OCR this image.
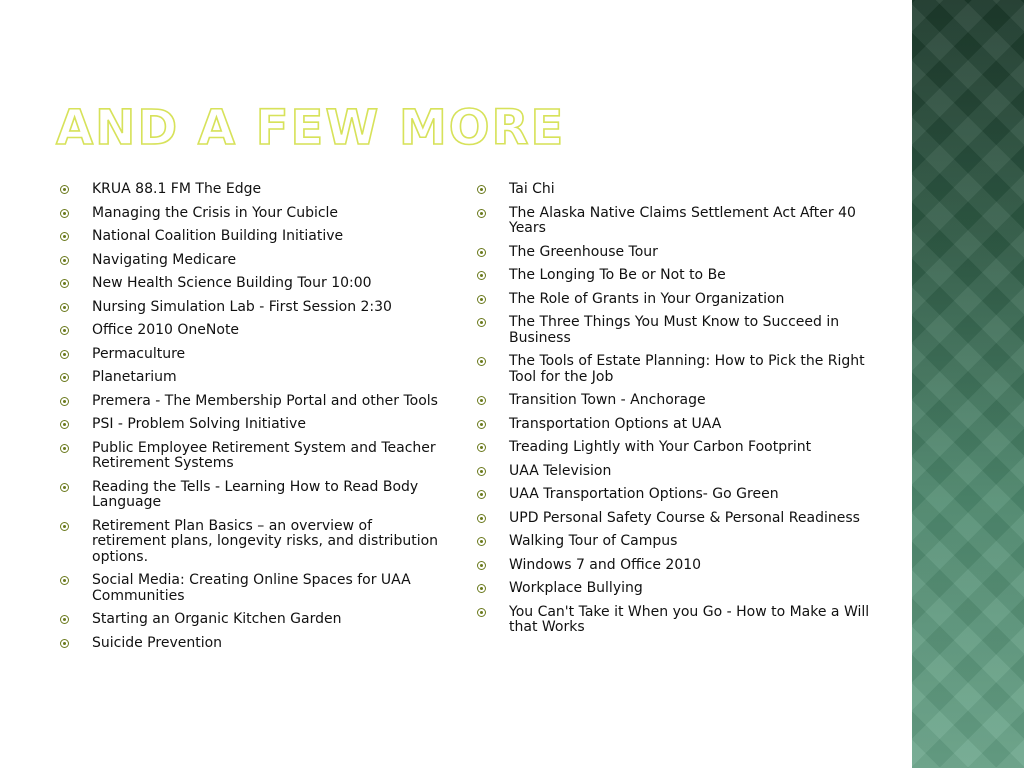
AND A FEW MORE
KRUA 88.1 FM The Edge
Managing the Crisis in Your Cubicle
National Coalition Building Initiative
Navigating Medicare
New Health Science Building Tour 10:00
Nursing Simulation Lab - First Session 2:30
Office 2010 OneNote
Permaculture
Planetarium
Premera - The Membership Portal and other Tools
PSI - Problem Solving Initiative
Public Employee Retirement System and Teacher Retirement Systems
Reading the Tells - Learning How to Read Body Language
Retirement Plan Basics – an overview of retirement plans, longevity risks, and distribution options.
Social Media: Creating Online Spaces for UAA Communities
Starting an Organic Kitchen Garden
Suicide Prevention
Tai Chi
The Alaska Native Claims Settlement Act After 40 Years
The Greenhouse Tour
The Longing To Be or Not to Be
The Role of Grants in Your Organization
The Three Things You Must Know to Succeed in Business
The Tools of Estate Planning: How to Pick the Right Tool for the Job
Transition Town - Anchorage
Transportation Options at UAA
Treading Lightly with Your Carbon Footprint
UAA Television
UAA Transportation Options- Go Green
UPD Personal Safety Course & Personal Readiness
Walking Tour of Campus
Windows 7 and Office 2010
Workplace Bullying
You Can't Take it When you Go - How to Make a Will that Works
